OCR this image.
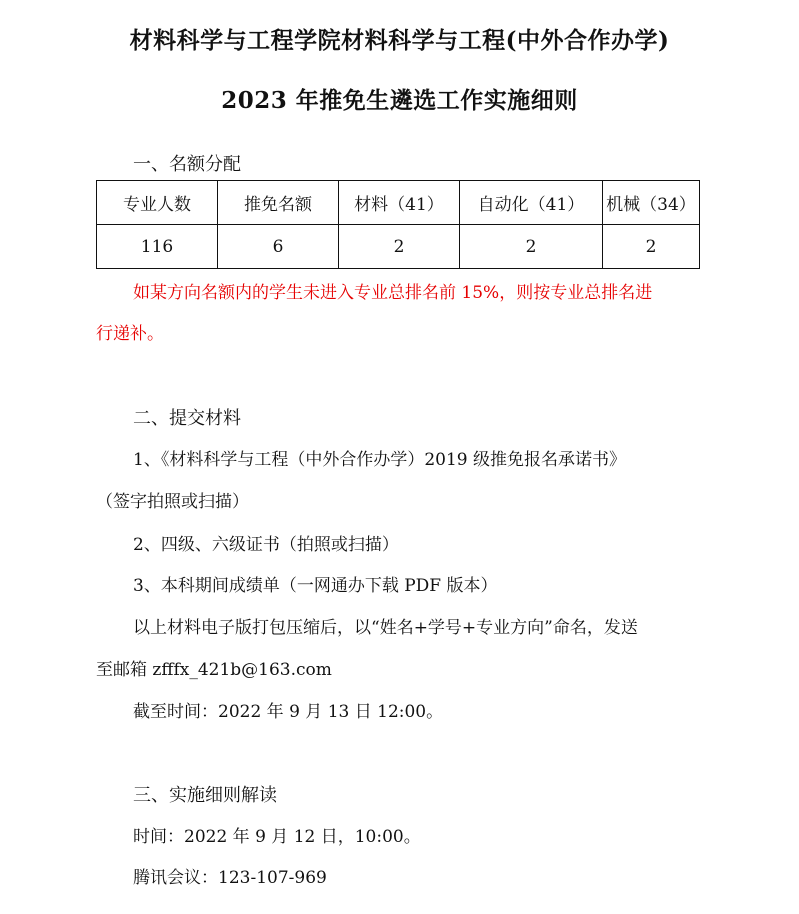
材料科学与工程学院材料科学与工程(中外合作办学)
2023 年推免生遴选工作实施细则
一、名额分配
专业人数	推免名额	材料（41）	自动化（41）	机械（34）
116	6	2	2	2
如某方向名额内的学生未进入专业总排名前 15%，则按专业总排名进
行递补。
二、提交材料
1、《材料科学与工程（中外合作办学）2019 级推免报名承诺书》
（签字拍照或扫描）
2、四级、六级证书（拍照或扫描）
3、本科期间成绩单（一网通办下载 PDF 版本）
以上材料电子版打包压缩后，以“姓名+学号+专业方向”命名，发送
至邮箱 zfffx_421b@163.com
截至时间：2022 年 9 月 13 日 12:00。
三、实施细则解读
时间：2022 年 9 月 12 日，10:00。
腾讯会议：123-107-969
